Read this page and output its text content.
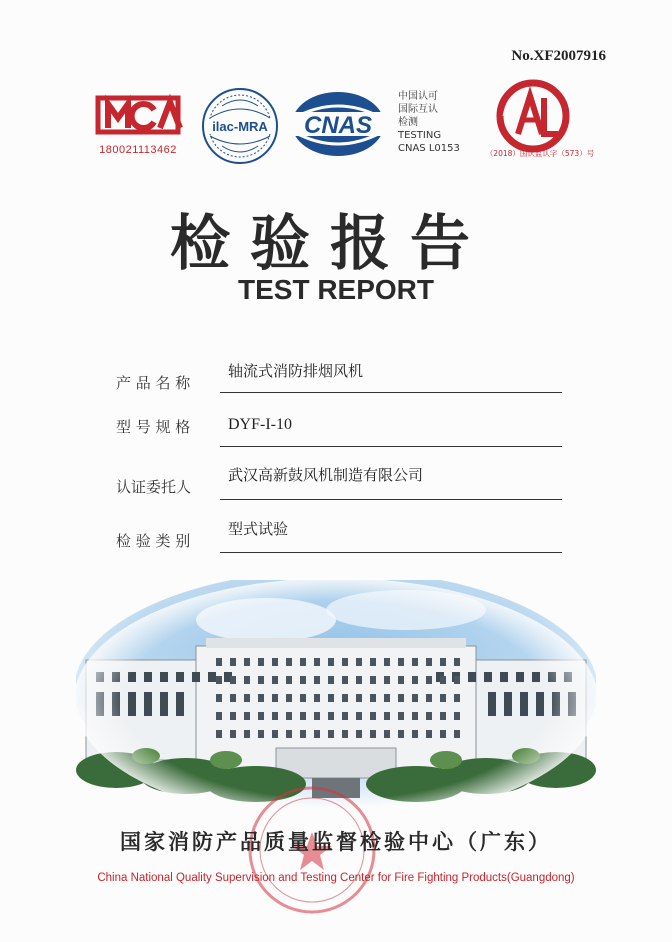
No.XF2007916
180021113462
ilac-MRA CNAS
中国认可
国际互认
检测
TESTING
CNAS L0153	（2018）国认监认字（573）号
检验报告
TEST REPORT
产 品 名 称
轴流式消防排烟风机
型 号 规 格	DYF-I-10
认证委托人
武汉高新鼓风机制造有限公司
检 验 类 别
型式试验
国家消防产品质量监督检验中心（广东）
China National Quality Supervision and Testing Center for Fire Fighting Products(Guangdong)
